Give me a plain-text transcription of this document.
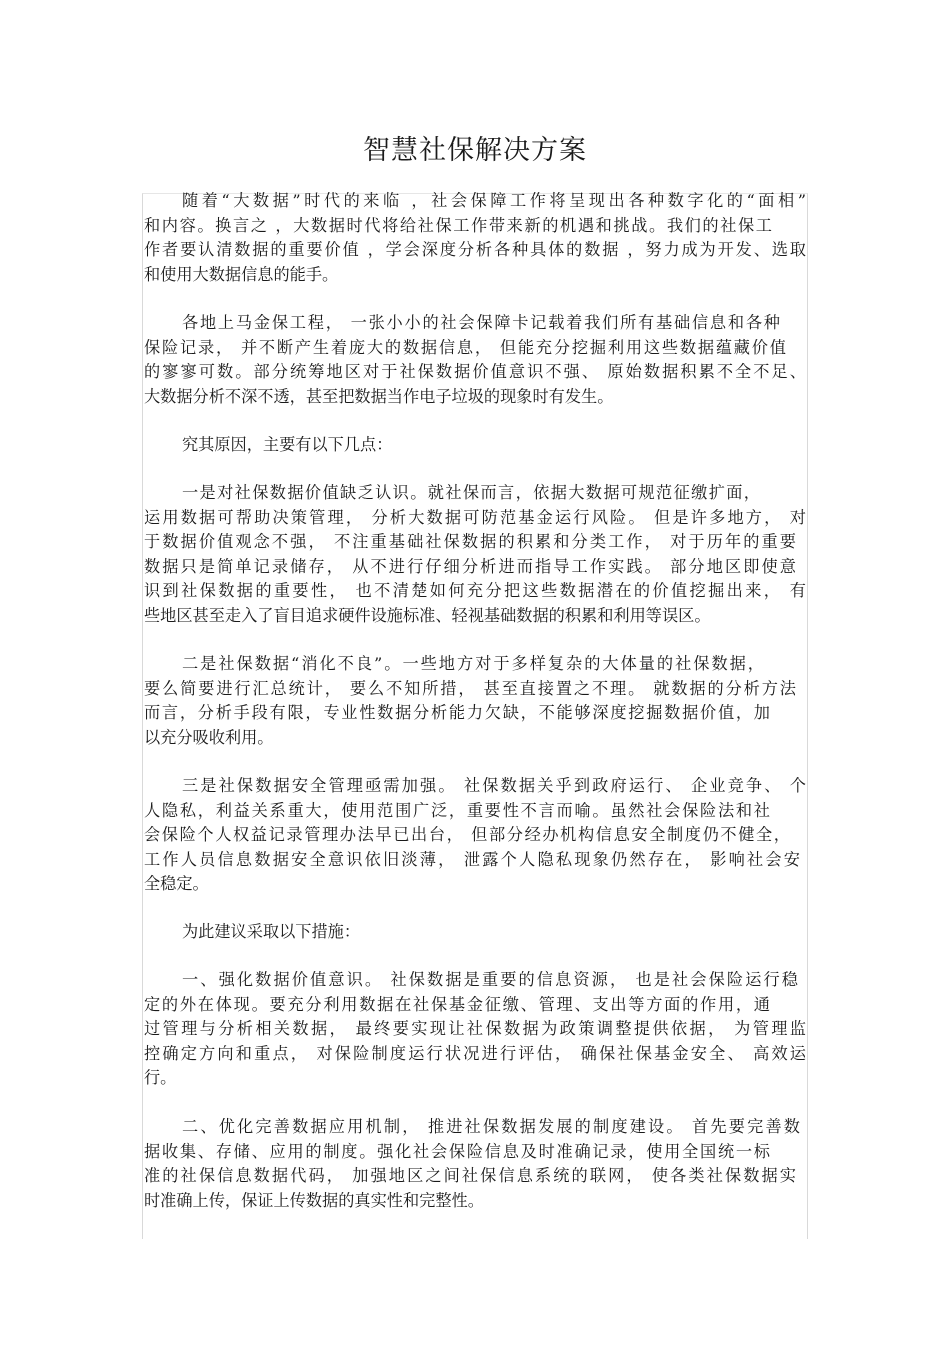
智慧社保解决方案
随着“大数据”时代的来临 ，社会保障工作将呈现出各种数字化的“面相”
和内容。换言之 ，大数据时代将给社保工作带来新的机遇和挑战。我们的社保工
作者要认清数据的重要价值 ，学会深度分析各种具体的数据 ，努力成为开发、选取
和使用大数据信息的能手。
各地上马金保工程， 一张小小的社会保障卡记载着我们所有基础信息和各种
保险记录， 并不断产生着庞大的数据信息， 但能充分挖掘利用这些数据蕴藏价值
的寥寥可数。部分统筹地区对于社保数据价值意识不强、 原始数据积累不全不足、
大数据分析不深不透，甚至把数据当作电子垃圾的现象时有发生。
究其原因，主要有以下几点：
一是对社保数据价值缺乏认识。就社保而言，依据大数据可规范征缴扩面，
运用数据可帮助决策管理， 分析大数据可防范基金运行风险。 但是许多地方， 对
于数据价值观念不强， 不注重基础社保数据的积累和分类工作， 对于历年的重要
数据只是简单记录储存， 从不进行仔细分析进而指导工作实践。 部分地区即使意
识到社保数据的重要性， 也不清楚如何充分把这些数据潜在的价值挖掘出来， 有
些地区甚至走入了盲目追求硬件设施标准、轻视基础数据的积累和利用等误区。
二是社保数据“消化不良”。一些地方对于多样复杂的大体量的社保数据，
要么简要进行汇总统计， 要么不知所措， 甚至直接置之不理。 就数据的分析方法
而言，分析手段有限，专业性数据分析能力欠缺，不能够深度挖掘数据价值，加
以充分吸收利用。
三是社保数据安全管理亟需加强。 社保数据关乎到政府运行、 企业竞争、 个
人隐私，利益关系重大，使用范围广泛，重要性不言而喻。虽然社会保险法和社
会保险个人权益记录管理办法早已出台， 但部分经办机构信息安全制度仍不健全，
工作人员信息数据安全意识依旧淡薄， 泄露个人隐私现象仍然存在， 影响社会安
全稳定。
为此建议采取以下措施：
一、强化数据价值意识。 社保数据是重要的信息资源， 也是社会保险运行稳
定的外在体现。要充分利用数据在社保基金征缴、管理、支出等方面的作用，通
过管理与分析相关数据， 最终要实现让社保数据为政策调整提供依据， 为管理监
控确定方向和重点， 对保险制度运行状况进行评估， 确保社保基金安全、 高效运
行。
二、优化完善数据应用机制， 推进社保数据发展的制度建设。 首先要完善数
据收集、存储、应用的制度。强化社会保险信息及时准确记录，使用全国统一标
准的社保信息数据代码， 加强地区之间社保信息系统的联网， 使各类社保数据实
时准确上传，保证上传数据的真实性和完整性。
